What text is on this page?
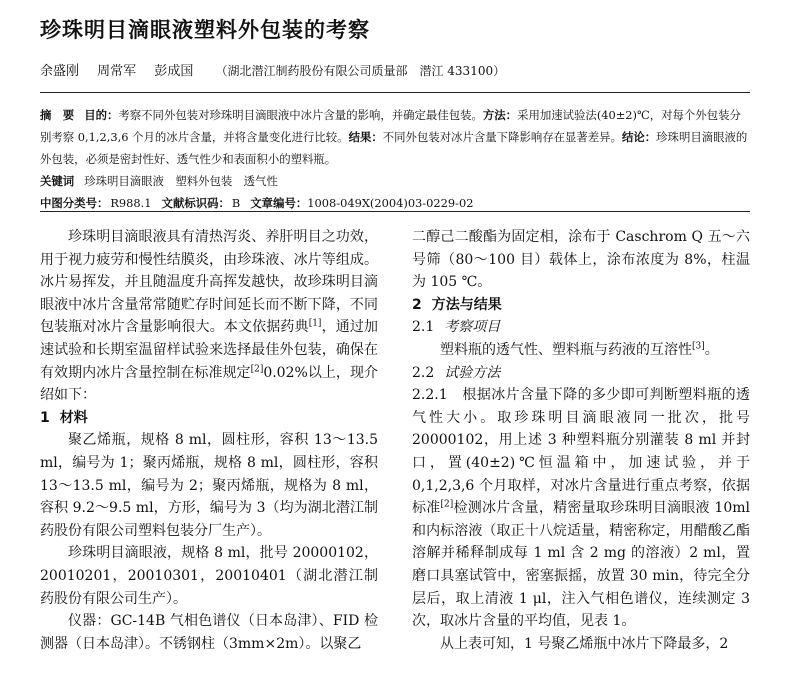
珍珠明目滴眼液塑料外包装的考察
余盛刚 周常军 彭成国 （湖北潜江制药股份有限公司质量部　潜江 433100）

摘　要 目的：考察不同外包装对珍珠明目滴眼液中冰片含量的影响，并确定最佳包装。方法：采用加速试验法(40±2)℃，对每个外包装分别考察 0,1,2,3,6 个月的冰片含量，并将含量变化进行比较。结果：不同外包装对冰片含量下降影响存在显著差异。结论：珍珠明目滴眼液的外包装，必须是密封性好、透气性少和表面积小的塑料瓶。

关键词 珍珠明目滴眼液　塑料外包装　透气性

中图分类号： R988.1 文献标识码： B 文章编号：1008-049X(2004)03-0229-02

珍珠明目滴眼液具有清热泻炎、养肝明目之功效，用于视力疲劳和慢性结膜炎，由珍珠液、冰片等组成。冰片易挥发，并且随温度升高挥发越快，故珍珠明目滴眼液中冰片含量常常随贮存时间延长而不断下降，不同包装瓶对冰片含量影响很大。本文依据药典[1]，通过加速试验和长期室温留样试验来选择最佳外包装，确保在有效期内冰片含量控制在标准规定[2]0.02%以上，现介绍如下：

1 材料

聚乙烯瓶，规格 8 ml，圆柱形，容积 13～13.5 ml，编号为 1；聚丙烯瓶，规格 8 ml，圆柱形，容积 13～13.5 ml，编号为 2；聚丙烯瓶，规格为 8 ml，容积 9.2～9.5 ml，方形，编号为 3（均为湖北潜江制药股份有限公司塑料包装分厂生产）。

珍珠明目滴眼液，规格 8 ml，批号 20000102，20010201，20010301，20010401（湖北潜江制药股份有限公司生产）。

仪器：GC-14B 气相色谱仪（日本岛津）、FID 检测器（日本岛津）。不锈钢柱（3mm×2m）。以聚乙

二醇己二酸酯为固定相，涂布于 Caschrom Q 五～六号筛（80～100 目）载体上，涂布浓度为 8%，柱温为 105 ℃。

2 方法与结果

2.1 考察项目

塑料瓶的透气性、塑料瓶与药液的互溶性[3]。

2.2 试验方法

2.2.1　根据冰片含量下降的多少即可判断塑料瓶的透气性大小。取珍珠明目滴眼液同一批次，批号 20000102，用上述 3 种塑料瓶分别灌装 8 ml 并封口，置(40±2)℃恒温箱中，加速试验，并于 0,1,2,3,6 个月取样，对冰片含量进行重点考察，依据标准[2]检测冰片含量，精密量取珍珠明目滴眼液 10ml 和内标溶液（取正十八烷适量，精密称定，用醋酸乙酯溶解并稀释制成每 1 ml 含 2 mg 的溶液）2 ml，置磨口具塞试管中，密塞振摇，放置 30 min，待完全分层后，取上清液 1 μl，注入气相色谱仪，连续测定 3 次，取冰片含量的平均值，见表 1。

从上表可知，1 号聚乙烯瓶中冰片下降最多，2
